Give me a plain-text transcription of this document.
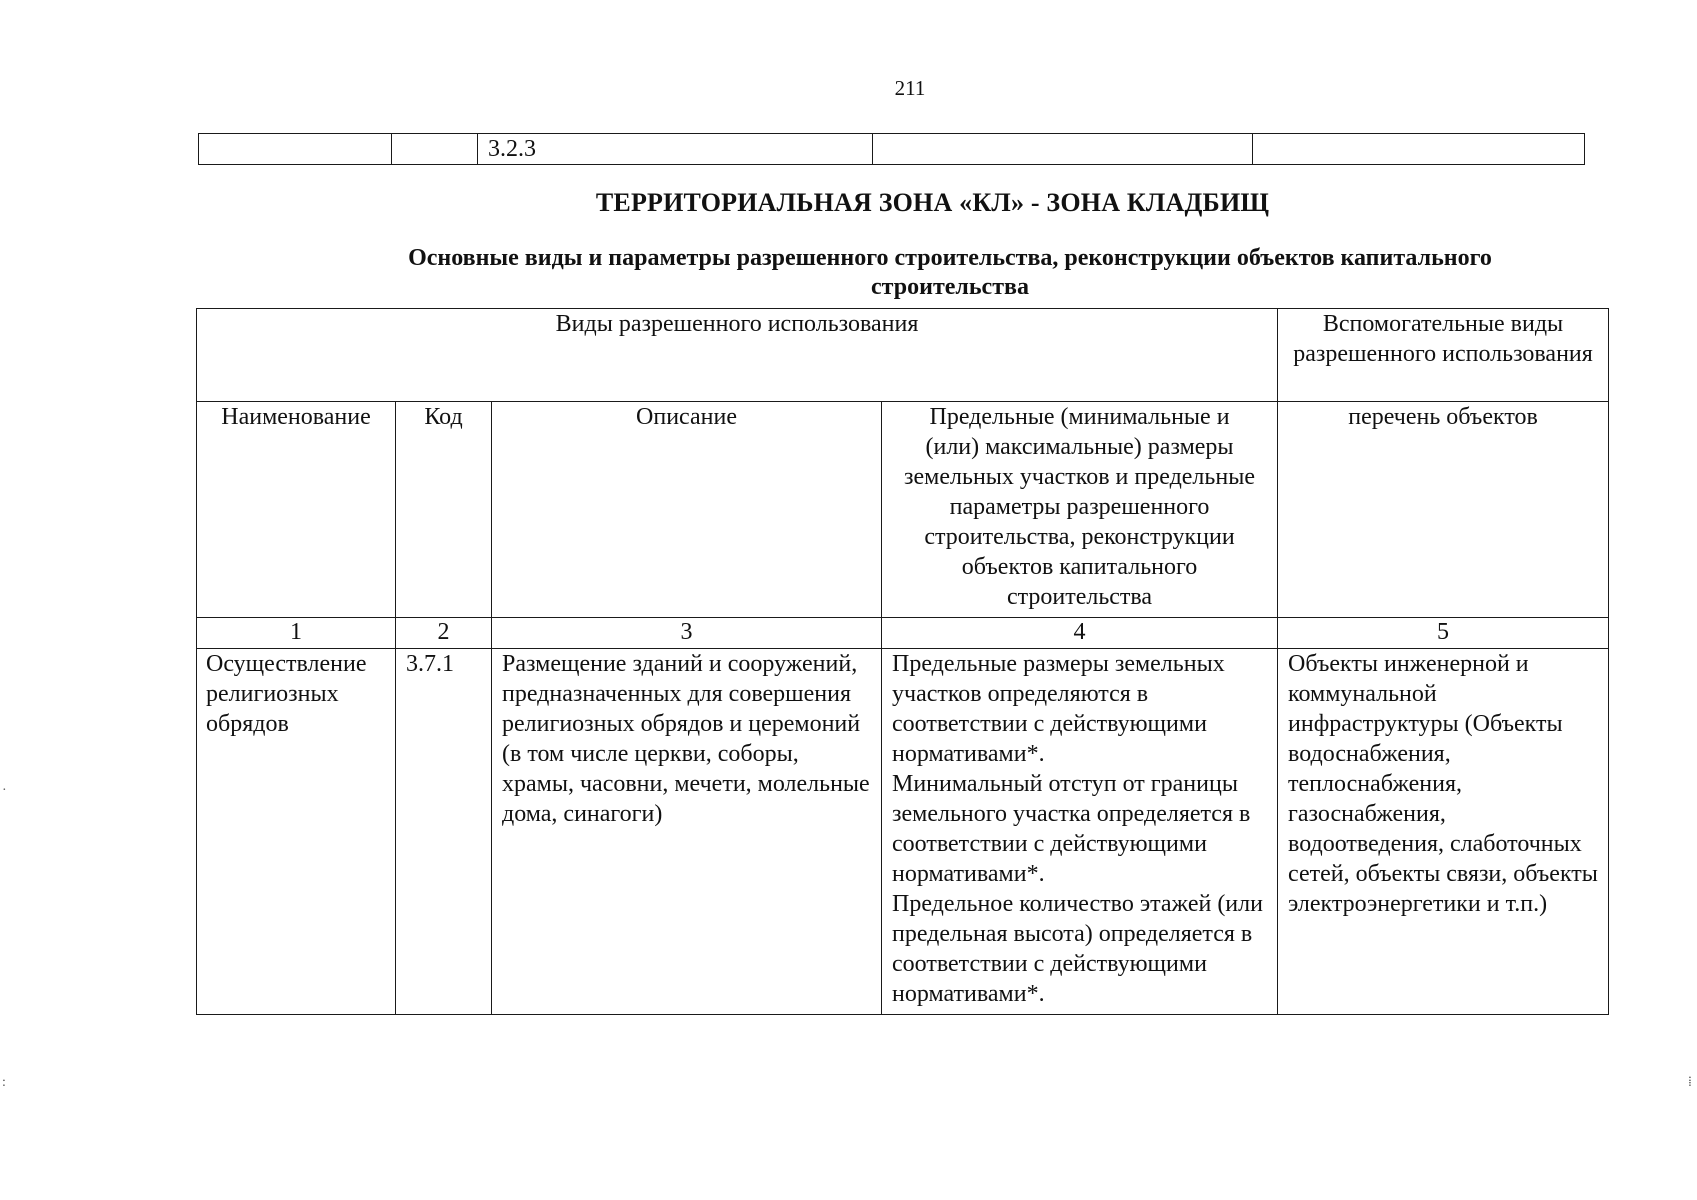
211
		3.2.3		
ТЕРРИТОРИАЛЬНАЯ ЗОНА «КЛ» - ЗОНА КЛАДБИЩ
Основные виды и параметры разрешенного строительства, реконструкции объектов капитального строительства
Виды разрешенного использования				Вспомогательные виды разрешенного использования
Наименование	Код	Описание	Предельные (минимальные и (или) максимальные) размеры земельных участков и предельные параметры разрешенного строительства, реконструкции объектов капитального строительства	перечень объектов
1	2	3	4	5
Осуществление религиозных обрядов	3.7.1	Размещение зданий и сооружений, предназначенных для совершения религиозных обрядов и церемоний (в том числе церкви, соборы, храмы, часовни, мечети, молельные дома, синагоги)	Предельные размеры земельных участков определяются в соответствии с действующими нормативами*.
Минимальный отступ от границы земельного участка определяется в соответствии с действующими нормативами*.
Предельное количество этажей (или предельная высота) определяется в соответствии с действующими нормативами*.	Объекты инженерной и коммунальной инфраструктуры (Объекты водоснабжения, теплоснабжения, газоснабжения, водоотведения, слаботочных сетей, объекты связи, объекты электроэнергетики и т.п.)
·
:	⁞
